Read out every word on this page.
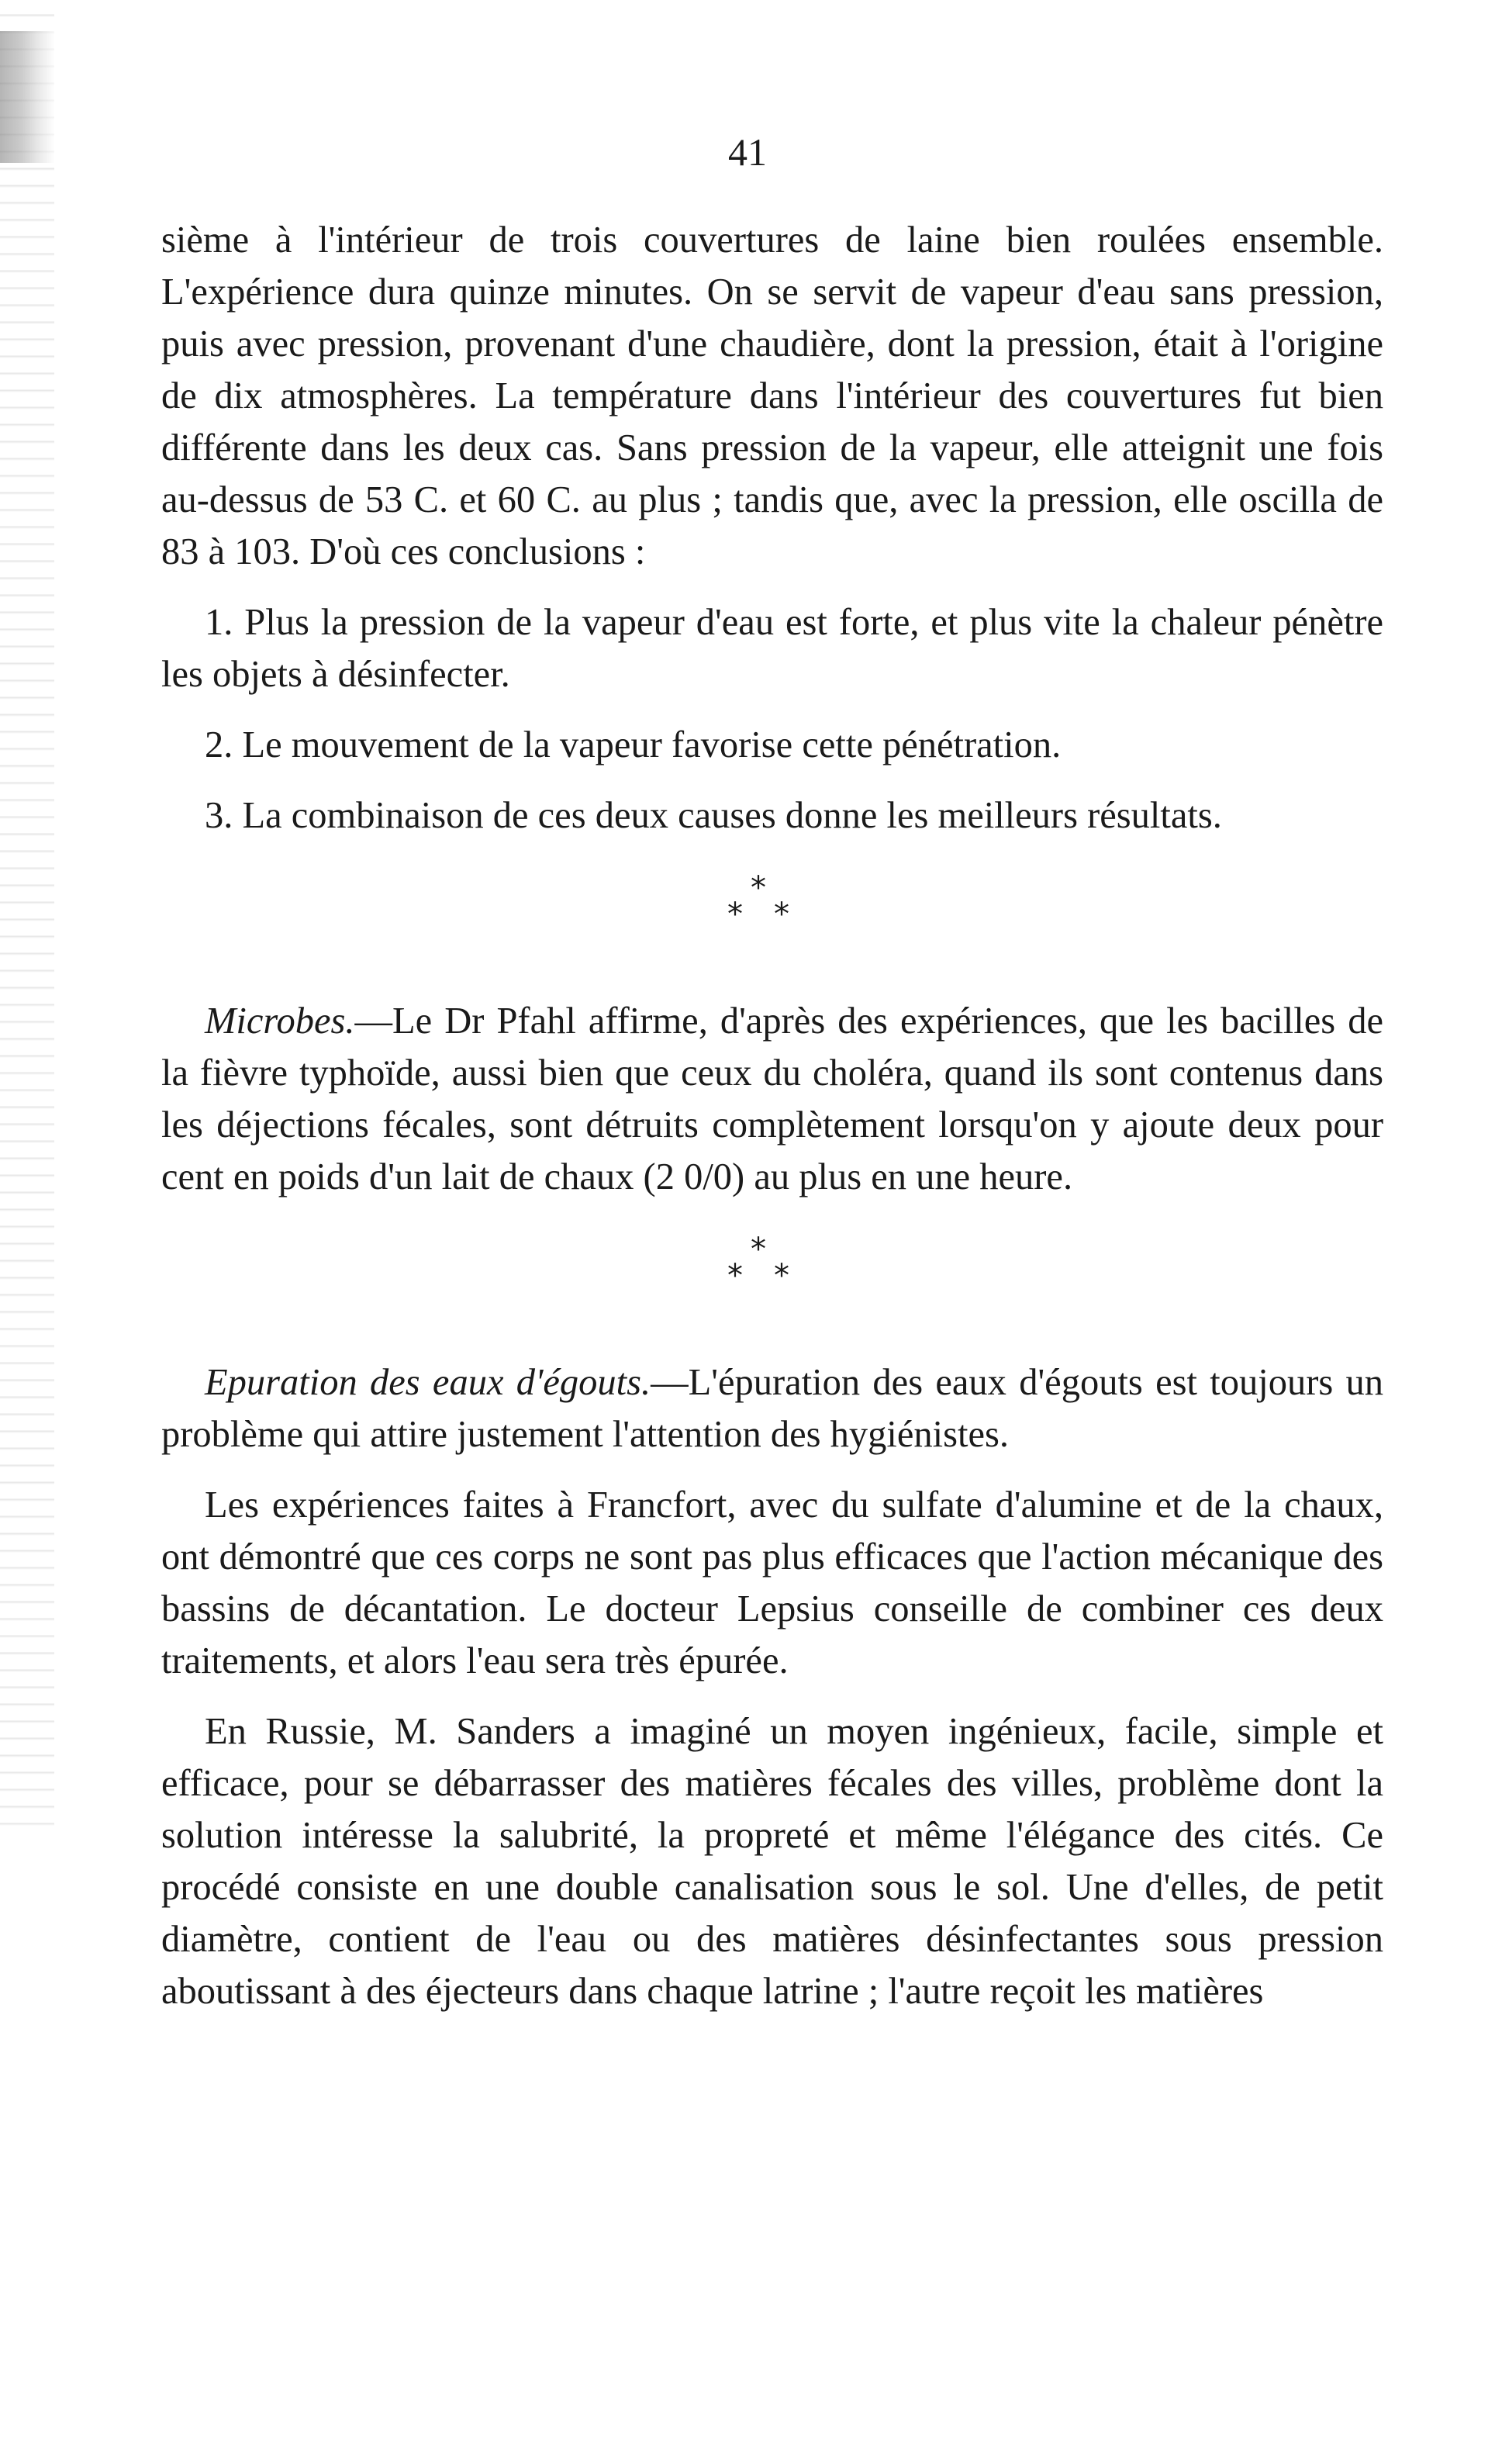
41

sième à l'intérieur de trois couvertures de laine bien roulées ensemble. L'expérience dura quinze minutes. On se servit de vapeur d'eau sans pression, puis avec pression, provenant d'une chaudière, dont la pression, était à l'origine de dix atmosphères. La température dans l'intérieur des couvertures fut bien différente dans les deux cas. Sans pression de la vapeur, elle atteignit une fois au-dessus de 53 C. et 60 C. au plus ; tandis que, avec la pression, elle oscilla de 83 à 103. D'où ces conclusions :

1. Plus la pression de la vapeur d'eau est forte, et plus vite la chaleur pénètre les objets à désinfecter.

2. Le mouvement de la vapeur favorise cette pénétration.

3. La combinaison de ces deux causes donne les meilleurs résultats.

*
* *

Microbes.—Le Dr Pfahl affirme, d'après des expériences, que les bacilles de la fièvre typhoïde, aussi bien que ceux du choléra, quand ils sont contenus dans les déjections fécales, sont détruits complètement lorsqu'on y ajoute deux pour cent en poids d'un lait de chaux (2 0/0) au plus en une heure.

*
* *

Epuration des eaux d'égouts.—L'épuration des eaux d'égouts est toujours un problème qui attire justement l'attention des hygiénistes.

Les expériences faites à Francfort, avec du sulfate d'alumine et de la chaux, ont démontré que ces corps ne sont pas plus efficaces que l'action mécanique des bassins de décantation. Le docteur Lepsius conseille de combiner ces deux traitements, et alors l'eau sera très épurée.

En Russie, M. Sanders a imaginé un moyen ingénieux, facile, simple et efficace, pour se débarrasser des matières fécales des villes, problème dont la solution intéresse la salubrité, la propreté et même l'élégance des cités. Ce procédé consiste en une double canalisation sous le sol. Une d'elles, de petit diamètre, contient de l'eau ou des matières désinfectantes sous pression aboutissant à des éjecteurs dans chaque latrine ; l'autre reçoit les matières
